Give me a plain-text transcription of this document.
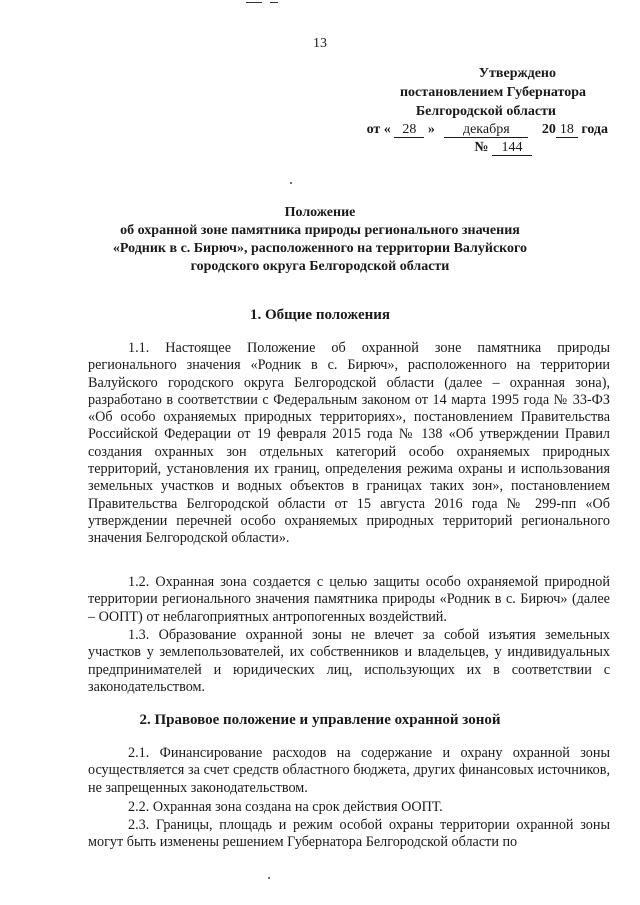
13
Утверждено
постановлением Губернатора
Белгородской области
от « 28 » декабря 20 18 года
№ 144
Положение
об охранной зоне памятника природы регионального значения
«Родник в с. Бирюч», расположенного на территории Валуйского
городского округа Белгородской области
1. Общие положения
1.1. Настоящее Положение об охранной зоне памятника природы регионального значения «Родник в с. Бирюч», расположенного на территории Валуйского городского округа Белгородской области (далее – охранная зона), разработано в соответствии с Федеральным законом от 14 марта 1995 года № 33-ФЗ «Об особо охраняемых природных территориях», постановлением Правительства Российской Федерации от 19 февраля 2015 года № 138 «Об утверждении Правил создания охранных зон отдельных категорий особо охраняемых природных территорий, установления их границ, определения режима охраны и использования земельных участков и водных объектов в границах таких зон», постановлением Правительства Белгородской области от 15 августа 2016 года № 299-пп «Об утверждении перечней особо охраняемых природных территорий регионального значения Белгородской области».
1.2. Охранная зона создается с целью защиты особо охраняемой природной территории регионального значения памятника природы «Родник в с. Бирюч» (далее – ООПТ) от неблагоприятных антропогенных воздействий.
1.3. Образование охранной зоны не влечет за собой изъятия земельных участков у землепользователей, их собственников и владельцев, у индивидуальных предпринимателей и юридических лиц, использующих их в соответствии с законодательством.
2. Правовое положение и управление охранной зоной
2.1. Финансирование расходов на содержание и охрану охранной зоны осуществляется за счет средств областного бюджета, других финансовых источников, не запрещенных законодательством.
2.2. Охранная зона создана на срок действия ООПТ.
2.3. Границы, площадь и режим особой охраны территории охранной зоны могут быть изменены решением Губернатора Белгородской области по
